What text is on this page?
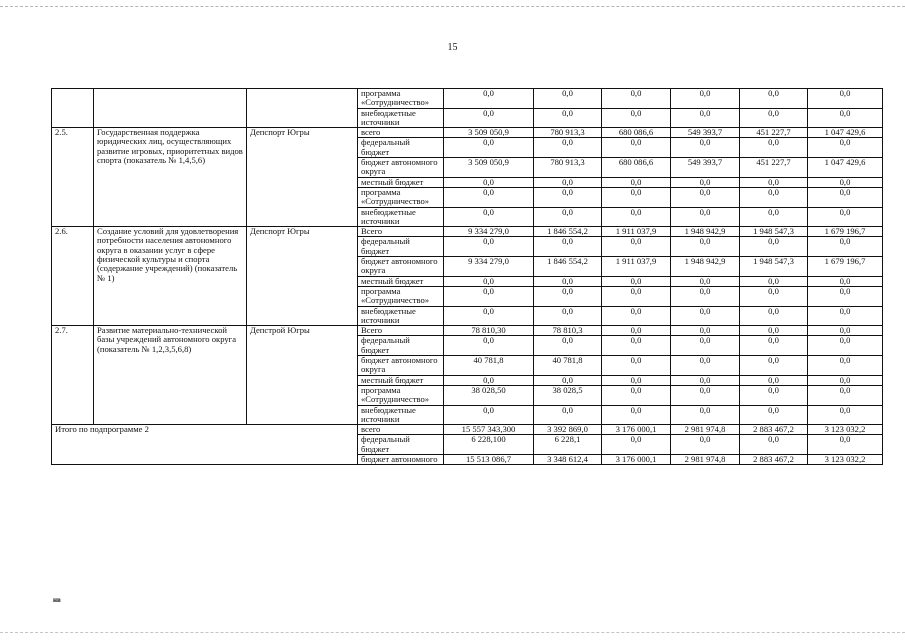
15
			программа «Сотрудничество»	0,0	0,0	0,0	0,0	0,0	0,0
			внебюджетные источники	0,0	0,0	0,0	0,0	0,0	0,0
2.5.	Государственная поддержка юридических лиц, осуществляющих развитие игровых, приоритетных видов спорта (показатель № 1,4,5,6)	Депспорт Югры	всего	3 509 050,9	780 913,3	680 086,6	549 393,7	451 227,7	1 047 429,6
			федеральный бюджет	0,0	0,0	0,0	0,0	0,0	0,0
			бюджет автономного округа	3 509 050,9	780 913,3	680 086,6	549 393,7	451 227,7	1 047 429,6
			местный бюджет	0,0	0,0	0,0	0,0	0,0	0,0
			программа «Сотрудничество»	0,0	0,0	0,0	0,0	0,0	0,0
			внебюджетные источники	0,0	0,0	0,0	0,0	0,0	0,0
2.6.	Создание условий для удовлетворения потребности населения автономного округа в оказании услуг в сфере физической культуры и спорта (содержание учреждений) (показатель № 1)	Депспорт Югры	Всего	9 334 279,0	1 846 554,2	1 911 037,9	1 948 942,9	1 948 547,3	1 679 196,7
			федеральный бюджет	0,0	0,0	0,0	0,0	0,0	0,0
			бюджет автономного округа	9 334 279,0	1 846 554,2	1 911 037,9	1 948 942,9	1 948 547,3	1 679 196,7
			местный бюджет	0,0	0,0	0,0	0,0	0,0	0,0
			программа «Сотрудничество»	0,0	0,0	0,0	0,0	0,0	0,0
			внебюджетные источники	0,0	0,0	0,0	0,0	0,0	0,0
2.7.	Развитие материально-технической базы учреждений автономного округа (показатель № 1,2,3,5,6,8)	Депстрой Югры	Всего	78 810,30	78 810,3	0,0	0,0	0,0	0,0
			федеральный бюджет	0,0	0,0	0,0	0,0	0,0	0,0
			бюджет автономного округа	40 781,8	40 781,8	0,0	0,0	0,0	0,0
			местный бюджет	0,0	0,0	0,0	0,0	0,0	0,0
			программа «Сотрудничество»	38 028,50	38 028,5	0,0	0,0	0,0	0,0
			внебюджетные источники	0,0	0,0	0,0	0,0	0,0	0,0
Итого по подпрограмме 2			всего	15 557 343,300	3 392 869,0	3 176 000,1	2 981 974,8	2 883 467,2	3 123 032,2
			федеральный бюджет	6 228,100	6 228,1	0,0	0,0	0,0	0,0
			бюджет автономного	15 513 086,7	3 348 612,4	3 176 000,1	2 981 974,8	2 883 467,2	3 123 032,2
нв
